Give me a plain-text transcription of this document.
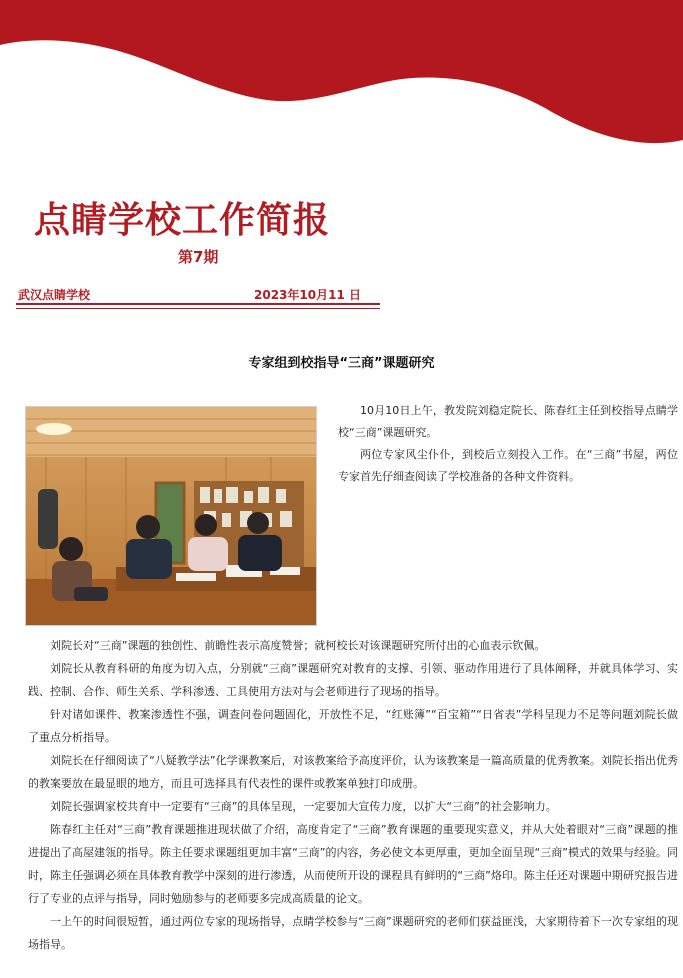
点睛学校工作简报
第7期
武汉点睛学校	2023年10月11 日
专家组到校指导“三商”课题研究

10月10日上午，教发院刘稳定院长、陈春红主任到校指导点睛学校“三商”课题研究。

两位专家风尘仆仆，到校后立刻投入工作。在“三商”书屋，两位专家首先仔细查阅读了学校准备的各种文件资料。

刘院长对“三商”课题的独创性、前瞻性表示高度赞誉；就柯校长对该课题研究所付出的心血表示钦佩。

刘院长从教育科研的角度为切入点，分别就“三商”课题研究对教育的支撑、引领、驱动作用进行了具体阐释，并就具体学习、实践、控制、合作、师生关系、学科渗透、工具使用方法对与会老师进行了现场的指导。

针对诸如课件、教案渗透性不强，调查问卷问题固化，开放性不足，“红账簿”“百宝箱”“日省表”学科呈现力不足等问题刘院长做了重点分析指导。

刘院长在仔细阅读了“八疑教学法”化学课教案后，对该教案给予高度评价，认为该教案是一篇高质量的优秀教案。刘院长指出优秀的教案要放在最显眼的地方，而且可选择具有代表性的课件或教案单独打印成册。

刘院长强调家校共育中一定要有“三商”的具体呈现，一定要加大宣传力度，以扩大“三商”的社会影响力。

陈春红主任对“三商”教育课题推进现状做了介绍，高度肯定了“三商”教育课题的重要现实意义，并从大处着眼对“三商”课题的推进提出了高屋建瓴的指导。陈主任要求课题组更加丰富“三商”的内容，务必使文本更厚重，更加全面呈现“三商”模式的效果与经验。同时，陈主任强调必须在具体教育教学中深刻的进行渗透，从而使所开设的课程具有鲜明的“三商”烙印。陈主任还对课题中期研究报告进行了专业的点评与指导，同时勉励参与的老师要多完成高质量的论文。

一上午的时间很短暂，通过两位专家的现场指导，点睛学校参与“三商”课题研究的老师们获益匪浅，大家期待着下一次专家组的现场指导。
